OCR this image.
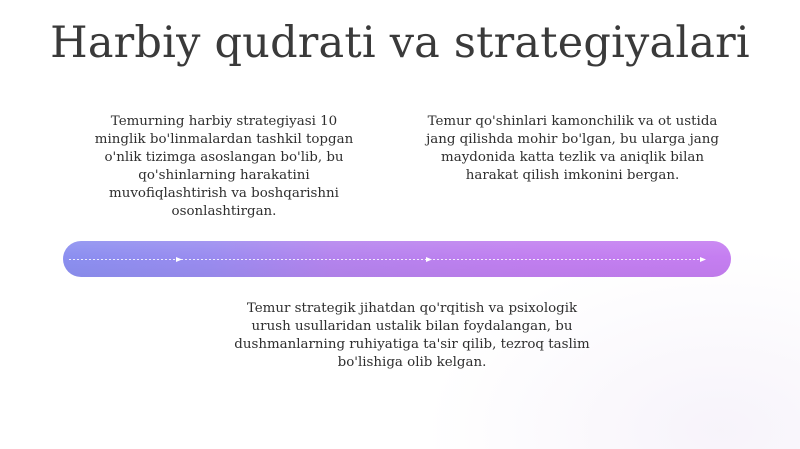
Harbiy qudrati va strategiyalari
Temurning harbiy strategiyasi 10 minglik bo'linmalardan tashkil topgan o'nlik tizimga asoslangan bo'lib, bu qo'shinlarning harakatini muvofiqlashtirish va boshqarishni osonlashtirgan.
Temur qo'shinlari kamonchilik va ot ustida jang qilishda mohir bo'lgan, bu ularga jang maydonida katta tezlik va aniqlik bilan harakat qilish imkonini bergan.
Temur strategik jihatdan qo'rqitish va psixologik urush usullaridan ustalik bilan foydalangan, bu dushmanlarning ruhiyatiga ta'sir qilib, tezroq taslim bo'lishiga olib kelgan.
